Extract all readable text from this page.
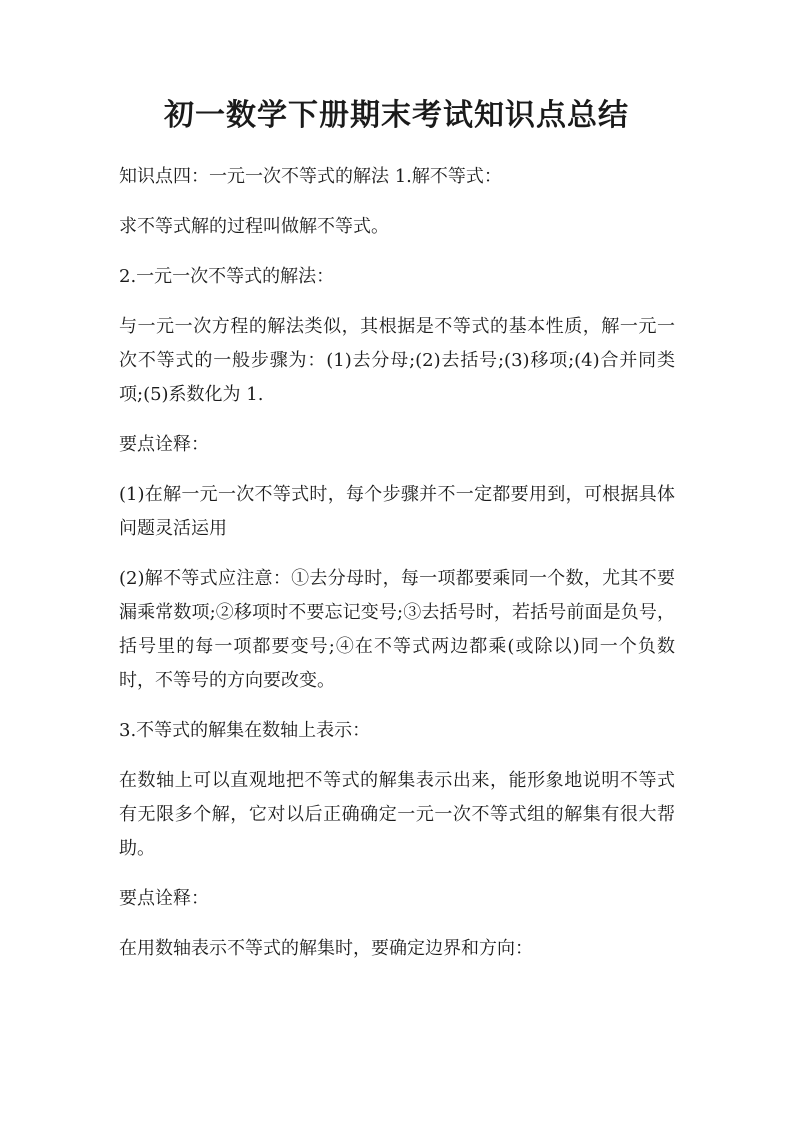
初一数学下册期末考试知识点总结

知识点四：一元一次不等式的解法 1.解不等式：

求不等式解的过程叫做解不等式。

2.一元一次不等式的解法：

与一元一次方程的解法类似，其根据是不等式的基本性质，解一元一次不等式的一般步骤为：(1)去分母;(2)去括号;(3)移项;(4)合并同类项;(5)系数化为 1.

要点诠释：

(1)在解一元一次不等式时，每个步骤并不一定都要用到，可根据具体问题灵活运用

(2)解不等式应注意：①去分母时，每一项都要乘同一个数，尤其不要漏乘常数项;②移项时不要忘记变号;③去括号时，若括号前面是负号，括号里的每一项都要变号;④在不等式两边都乘(或除以)同一个负数时，不等号的方向要改变。

3.不等式的解集在数轴上表示：

在数轴上可以直观地把不等式的解集表示出来，能形象地说明不等式有无限多个解，它对以后正确确定一元一次不等式组的解集有很大帮助。

要点诠释：

在用数轴表示不等式的解集时，要确定边界和方向：
